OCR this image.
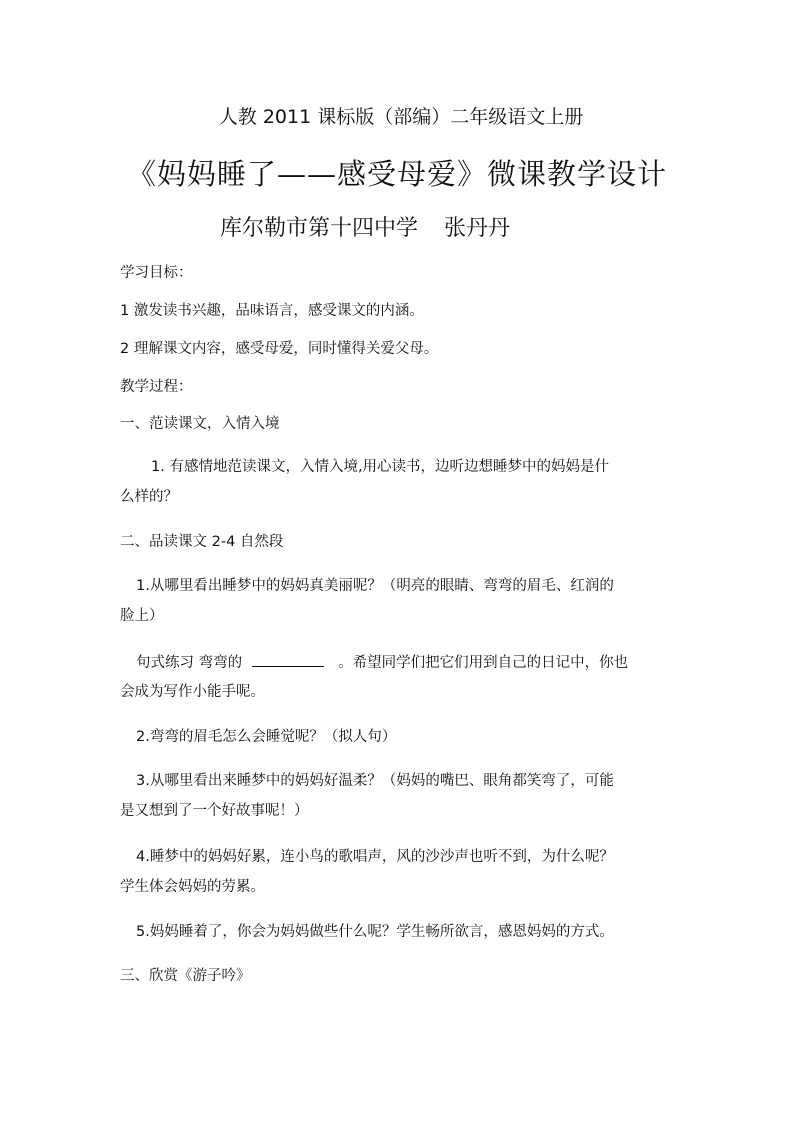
人教 2011 课标版（部编）二年级语文上册
《妈妈睡了——感受母爱》微课教学设计
库尔勒市第十四中学 张丹丹
学习目标：
1 激发读书兴趣，品味语言，感受课文的内涵。
2 理解课文内容，感受母爱，同时懂得关爱父母。
教学过程：
一、范读课文，入情入境
1. 有感情地范读课文，入情入境,用心读书，边听边想睡梦中的妈妈是什
么样的？
二、品读课文 2-4 自然段
1.从哪里看出睡梦中的妈妈真美丽呢？（明亮的眼睛、弯弯的眉毛、红润的
脸上）
句式练习 弯弯的	。希望同学们把它们用到自己的日记中，你也
会成为写作小能手呢。
2.弯弯的眉毛怎么会睡觉呢？（拟人句）
3.从哪里看出来睡梦中的妈妈好温柔？（妈妈的嘴巴、眼角都笑弯了，可能
是又想到了一个好故事呢！）
4.睡梦中的妈妈好累，连小鸟的歌唱声，风的沙沙声也听不到，为什么呢？
学生体会妈妈的劳累。
5.妈妈睡着了，你会为妈妈做些什么呢？学生畅所欲言，感恩妈妈的方式。
三、欣赏《游子吟》
